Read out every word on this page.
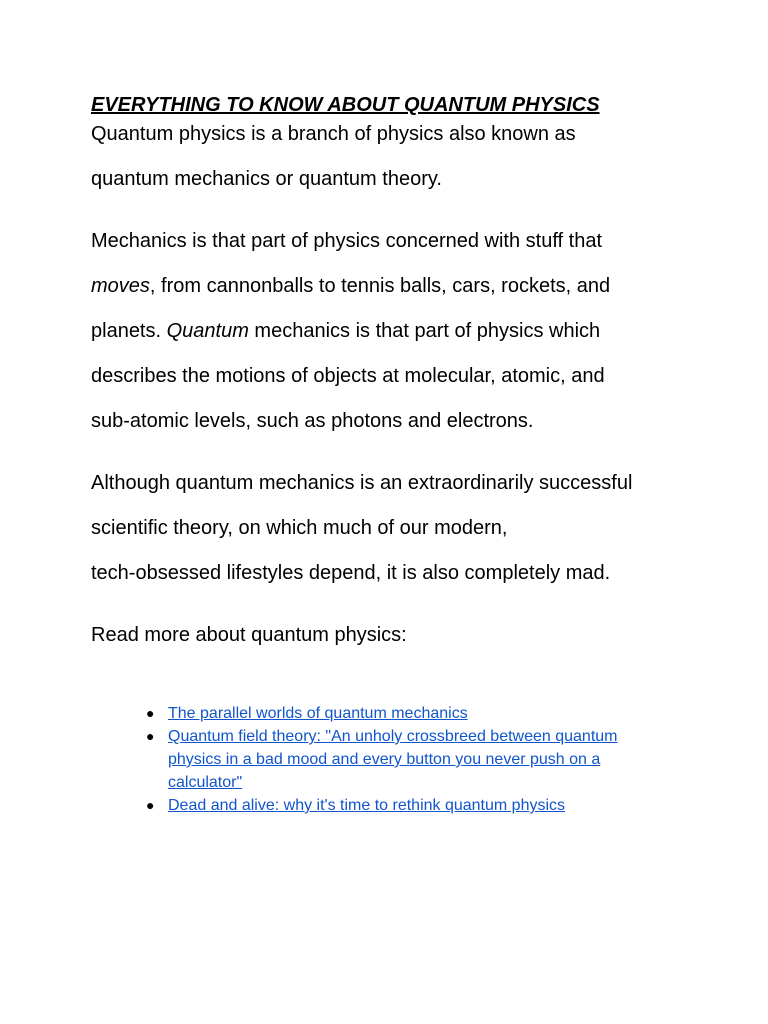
EVERYTHING TO KNOW ABOUT QUANTUM PHYSICS

Quantum physics is a branch of physics also known as
quantum mechanics or quantum theory.

Mechanics is that part of physics concerned with stuff that
moves, from cannonballs to tennis balls, cars, rockets, and
planets. Quantum mechanics is that part of physics which
describes the motions of objects at molecular, atomic, and
sub-atomic levels, such as photons and electrons.

Although quantum mechanics is an extraordinarily successful
scientific theory, on which much of our modern,
tech-obsessed lifestyles depend, it is also completely mad.

Read more about quantum physics:

● The parallel worlds of quantum mechanics
● Quantum field theory: "An unholy crossbreed between quantum
physics in a bad mood and every button you never push on a
calculator"
● Dead and alive: why it's time to rethink quantum physics
